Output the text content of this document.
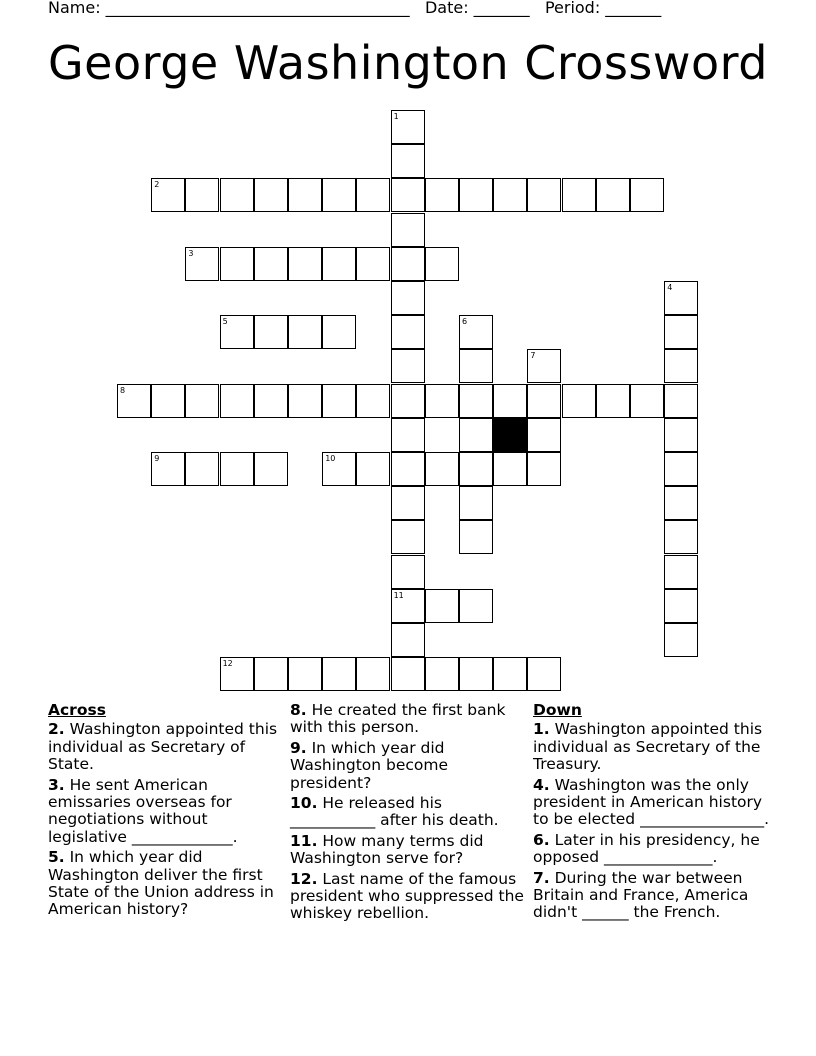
Name: ______________________________________ Date: _______ Period: _______
George Washington Crossword
1
11
2
3
4
5	6
7
8
9	10
12
Across
2. Washington appointed this individual as Secretary of State.
3. He sent American emissaries overseas for negotiations without legislative _____________.
5. In which year did Washington deliver the first State of the Union address in American history?
8. He created the first bank with this person.
9. In which year did Washington become president?
10. He released his ___________ after his death.
11. How many terms did Washington serve for?
12. Last name of the famous president who suppressed the whiskey rebellion.
Down
1. Washington appointed this individual as Secretary of the Treasury.
4. Washington was the only president in American history to be elected ________________.
6. Later in his presidency, he opposed ______________.
7. During the war between Britain and France, America didn't ______ the French.
